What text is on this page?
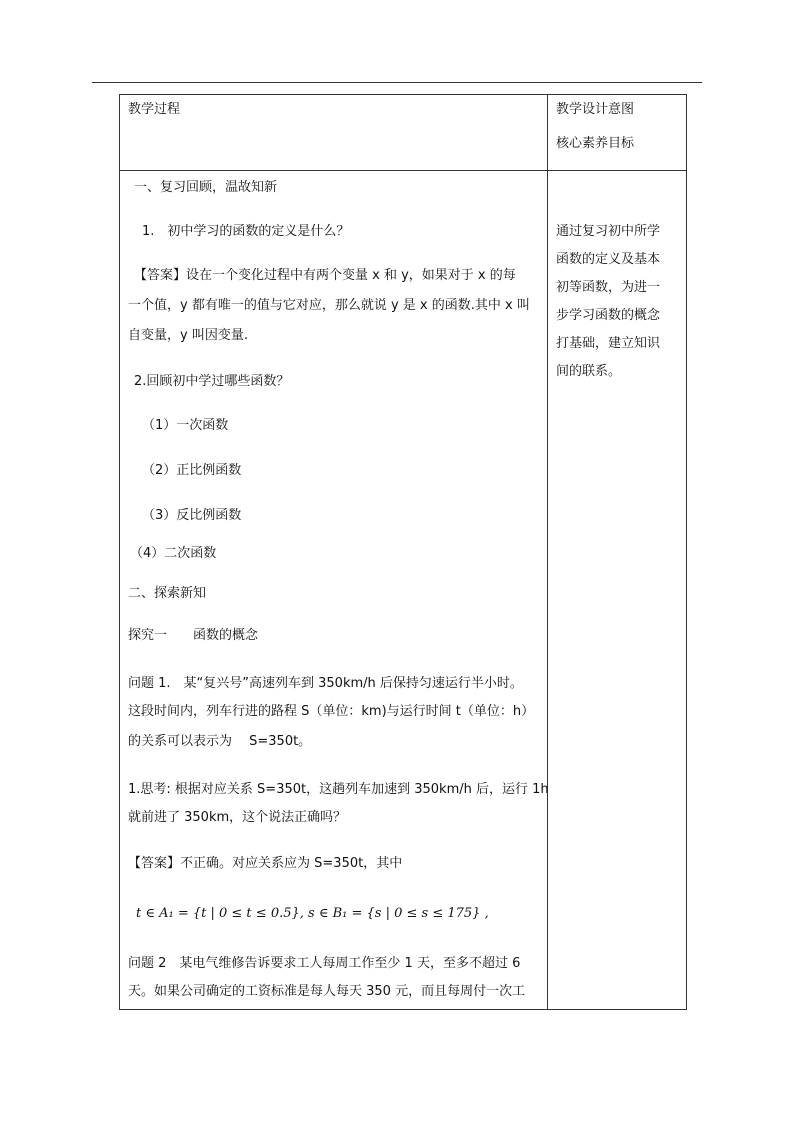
教学过程	教学设计意图
核心素养目标
一、复习回顾，温故知新
1.　初中学习的函数的定义是什么？
【答案】设在一个变化过程中有两个变量 x 和 y，如果对于 x 的每
一个值，y 都有唯一的值与它对应，那么就说 y 是 x 的函数.其中 x 叫
自变量，y 叫因变量.
2.回顾初中学过哪些函数？
（1）一次函数
（2）正比例函数
（3）反比例函数
（4）二次函数
二、探索新知
探究一　　函数的概念
问题 1.　某“复兴号”高速列车到 350km/h 后保持匀速运行半小时。
这段时间内，列车行进的路程 S（单位：km)与运行时间 t（单位：h）
的关系可以表示为　 S=350t。
1.思考: 根据对应关系 S=350t，这趟列车加速到 350km/h 后，运行 1h
就前进了 350km，这个说法正确吗？
【答案】不正确。对应关系应为 S=350t，其中
t ∈ A₁ = {t | 0 ≤ t ≤ 0.5}, s ∈ B₁ = {s | 0 ≤ s ≤ 175} ,
问题 2　某电气维修告诉要求工人每周工作至少 1 天，至多不超过 6
天。如果公司确定的工资标准是每人每天 350 元，而且每周付一次工
通过复习初中所学
函数的定义及基本
初等函数，为进一
步学习函数的概念
打基础，建立知识
间的联系。
